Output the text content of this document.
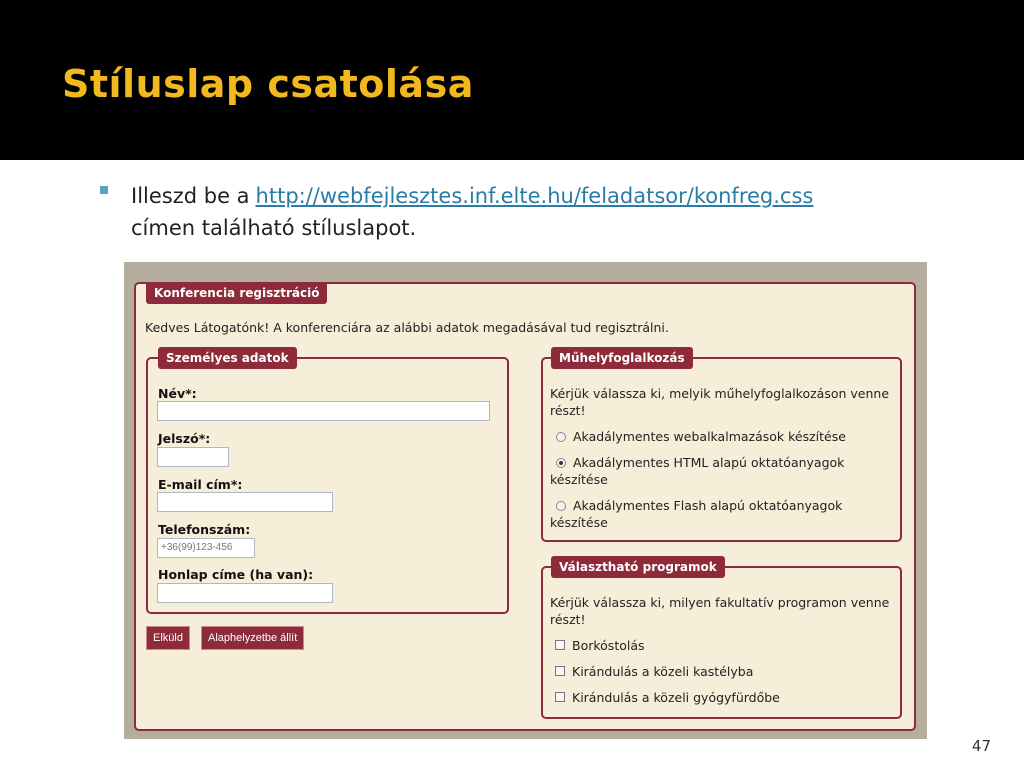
Stíluslap csatolása
Illeszd be a http://webfejlesztes.inf.elte.hu/feladatsor/konfreg.css
címen található stíluslapot.
Konferencia regisztráció
Kedves Látogatónk! A konferenciára az alábbi adatok megadásával tud regisztrálni.
Személyes adatok
Név*:
Jelszó*:
E-mail cím*:
Telefonszám:
+36(99)123-456
Honlap címe (ha van):
Elküld	Alaphelyzetbe állít
Műhelyfoglalkozás
Kérjük válassza ki, melyik műhelyfoglalkozáson venne
részt!
Akadálymentes webalkalmazások készítése
Akadálymentes HTML alapú oktatóanyagok
készítése
Akadálymentes Flash alapú oktatóanyagok
készítése
Választható programok
Kérjük válassza ki, milyen fakultatív programon venne
részt!
Borkóstolás
Kirándulás a közeli kastélyba
Kirándulás a közeli gyógyfürdőbe
47
